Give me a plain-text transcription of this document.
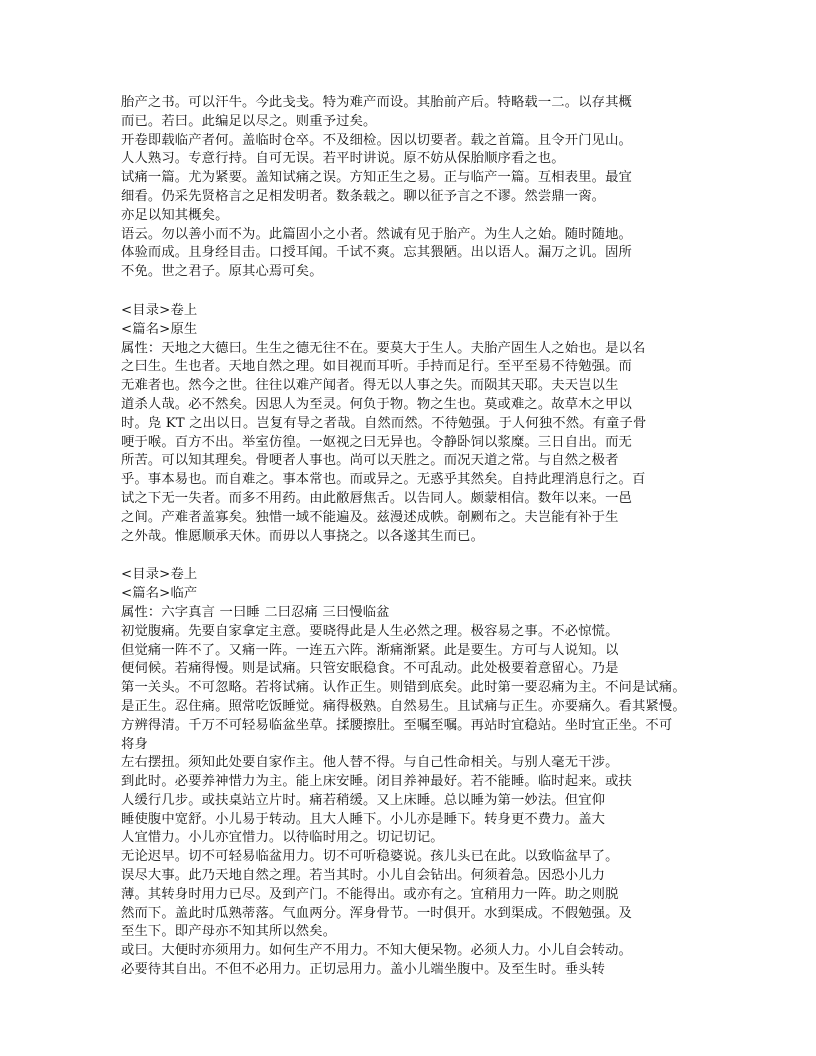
胎产之书。可以汗牛。今此戋戋。特为难产而设。其胎前产后。特略载一二。以存其概
而已。若曰。此编足以尽之。则重予过矣。
开卷即载临产者何。盖临时仓卒。不及细检。因以切要者。载之首篇。且令开门见山。
人人熟习。专意行持。自可无误。若平时讲说。原不妨从保胎顺序看之也。
试痛一篇。尤为紧要。盖知试痛之误。方知正生之易。正与临产一篇。互相表里。最宜
细看。仍采先贤格言之足相发明者。数条载之。聊以征予言之不谬。然尝鼎一脔。
亦足以知其概矣。
语云。勿以善小而不为。此篇固小之小者。然诚有见于胎产。为生人之始。随时随地。
体验而成。且身经目击。口授耳闻。千试不爽。忘其猥陋。出以语人。漏万之讥。固所
不免。世之君子。原其心焉可矣。
<目录>卷上
<篇名>原生
属性：天地之大德曰。生生之德无往不在。要莫大于生人。夫胎产固生人之始也。是以名
之曰生。生也者。天地自然之理。如目视而耳听。手持而足行。至平至易不待勉强。而
无难者也。然今之世。往往以难产闻者。得无以人事之失。而陨其天耶。夫天岂以生
道杀人哉。必不然矣。因思人为至灵。何负于物。物之生也。莫或难之。故草木之甲以
时。凫 KT 之出以日。岂复有导之者哉。自然而然。不待勉强。于人何独不然。有童子骨
哽于喉。百方不出。举室仿徨。一妪视之曰无异也。令静卧饲以浆糜。三日自出。而无
所苦。可以知其理矣。骨哽者人事也。尚可以天胜之。而况天道之常。与自然之极者
乎。事本易也。而自难之。事本常也。而或异之。无惑乎其然矣。自持此理消息行之。百
试之下无一失者。而多不用药。由此敝唇焦舌。以告同人。颇蒙相信。数年以来。一邑
之间。产难者盖寡矣。独惜一域不能遍及。兹漫述成帙。剞劂布之。夫岂能有补于生
之外哉。惟愿顺承天休。而毋以人事挠之。以各遂其生而已。
<目录>卷上
<篇名>临产
属性：六字真言 一曰睡 二曰忍痛 三曰慢临盆
初觉腹痛。先要自家拿定主意。要晓得此是人生必然之理。极容易之事。不必惊慌。
但觉痛一阵不了。又痛一阵。一连五六阵。渐痛渐紧。此是要生。方可与人说知。以
便伺候。若痛得慢。则是试痛。只管安眠稳食。不可乱动。此处极要着意留心。乃是
第一关头。不可忽略。若将试痛。认作正生。则错到底矣。此时第一要忍痛为主。不问是试痛。
是正生。忍住痛。照常吃饭睡觉。痛得极熟。自然易生。且试痛与正生。亦要痛久。看其紧慢。
方辨得清。千万不可轻易临盆坐草。揉腰擦肚。至嘱至嘱。再站时宜稳站。坐时宜正坐。不可
将身
左右摆扭。须知此处要自家作主。他人替不得。与自己性命相关。与别人毫无干涉。
到此时。必要养神惜力为主。能上床安睡。闭目养神最好。若不能睡。临时起来。或扶
人缓行几步。或扶桌站立片时。痛若稍缓。又上床睡。总以睡为第一妙法。但宜仰
睡使腹中宽舒。小儿易于转动。且大人睡下。小儿亦是睡下。转身更不费力。盖大
人宜惜力。小儿亦宜惜力。以待临时用之。切记切记。
无论迟早。切不可轻易临盆用力。切不可听稳婆说。孩儿头已在此。以致临盆早了。
误尽大事。此乃天地自然之理。若当其时。小儿自会钻出。何须着急。因恐小儿力
薄。其转身时用力已尽。及到产门。不能得出。或亦有之。宜稍用力一阵。助之则脱
然而下。盖此时瓜熟蒂落。气血两分。浑身骨节。一时俱开。水到渠成。不假勉强。及
至生下。即产母亦不知其所以然矣。
或曰。大便时亦须用力。如何生产不用力。不知大便呆物。必须人力。小儿自会转动。
必要待其自出。不但不必用力。正切忌用力。盖小儿端坐腹中。及至生时。垂头转
